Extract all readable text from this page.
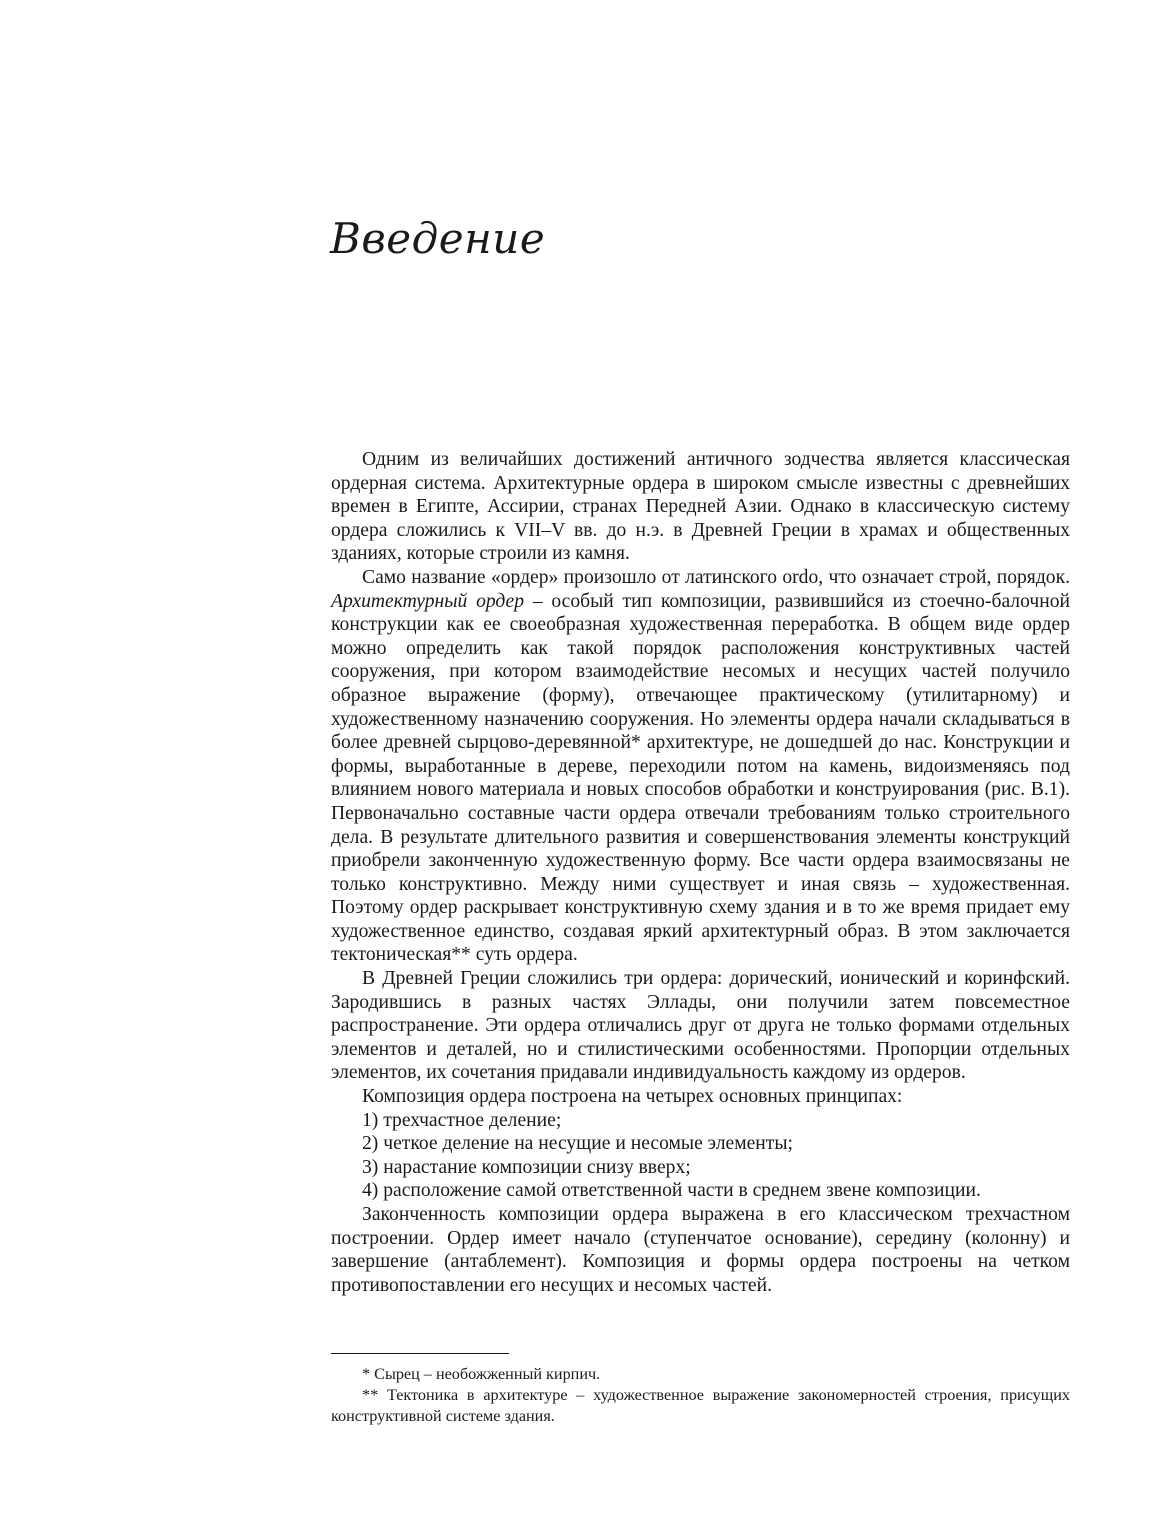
Введение

Одним из величайших достижений античного зодчества является классическая ордерная система. Архитектурные ордера в широком смысле известны с древнейших времен в Египте, Ассирии, странах Передней Азии. Однако в классическую систему ордера сложились к VII–V вв. до н.э. в Древней Греции в храмах и общественных зданиях, которые строили из камня.

Само название «ордер» произошло от латинского ordo, что означает строй, порядок. Архитектурный ордер – особый тип композиции, развившийся из стоечно-балочной конструкции как ее своеобразная художественная переработка. В общем виде ордер можно определить как такой порядок расположения конструктивных частей сооружения, при котором взаимодействие несомых и несущих частей получило образное выражение (форму), отвечающее практическому (утилитарному) и художественному назначению сооружения. Но элементы ордера начали складываться в более древней сырцово-деревянной* архитектуре, не дошедшей до нас. Конструкции и формы, выработанные в дереве, переходили потом на камень, видоизменяясь под влиянием нового материала и новых способов обработки и конструирования (рис. В.1). Первоначально составные части ордера отвечали требованиям только строительного дела. В результате длительного развития и совершенствования элементы конструкций приобрели законченную художественную форму. Все части ордера взаимосвязаны не только конструктивно. Между ними существует и иная связь – художественная. Поэтому ордер раскрывает конструктивную схему здания и в то же время придает ему художественное единство, создавая яркий архитектурный образ. В этом заключается тектоническая** суть ордера.

В Древней Греции сложились три ордера: дорический, ионический и коринфский. Зародившись в разных частях Эллады, они получили затем повсеместное распространение. Эти ордера отличались друг от друга не только формами отдельных элементов и деталей, но и стилистическими особенностями. Пропорции отдельных элементов, их сочетания придавали индивидуальность каждому из ордеров.

Композиция ордера построена на четырех основных принципах:

1) трехчастное деление;

2) четкое деление на несущие и несомые элементы;

3) нарастание композиции снизу вверх;

4) расположение самой ответственной части в среднем звене композиции.

Законченность композиции ордера выражена в его классическом трехчастном построении. Ордер имеет начало (ступенчатое основание), середину (колонну) и завершение (антаблемент). Композиция и формы ордера построены на четком противопоставлении его несущих и несомых частей.

* Сырец – необожженный кирпич.

** Тектоника в архитектуре – художественное выражение закономерностей строения, присущих конструктивной системе здания.
